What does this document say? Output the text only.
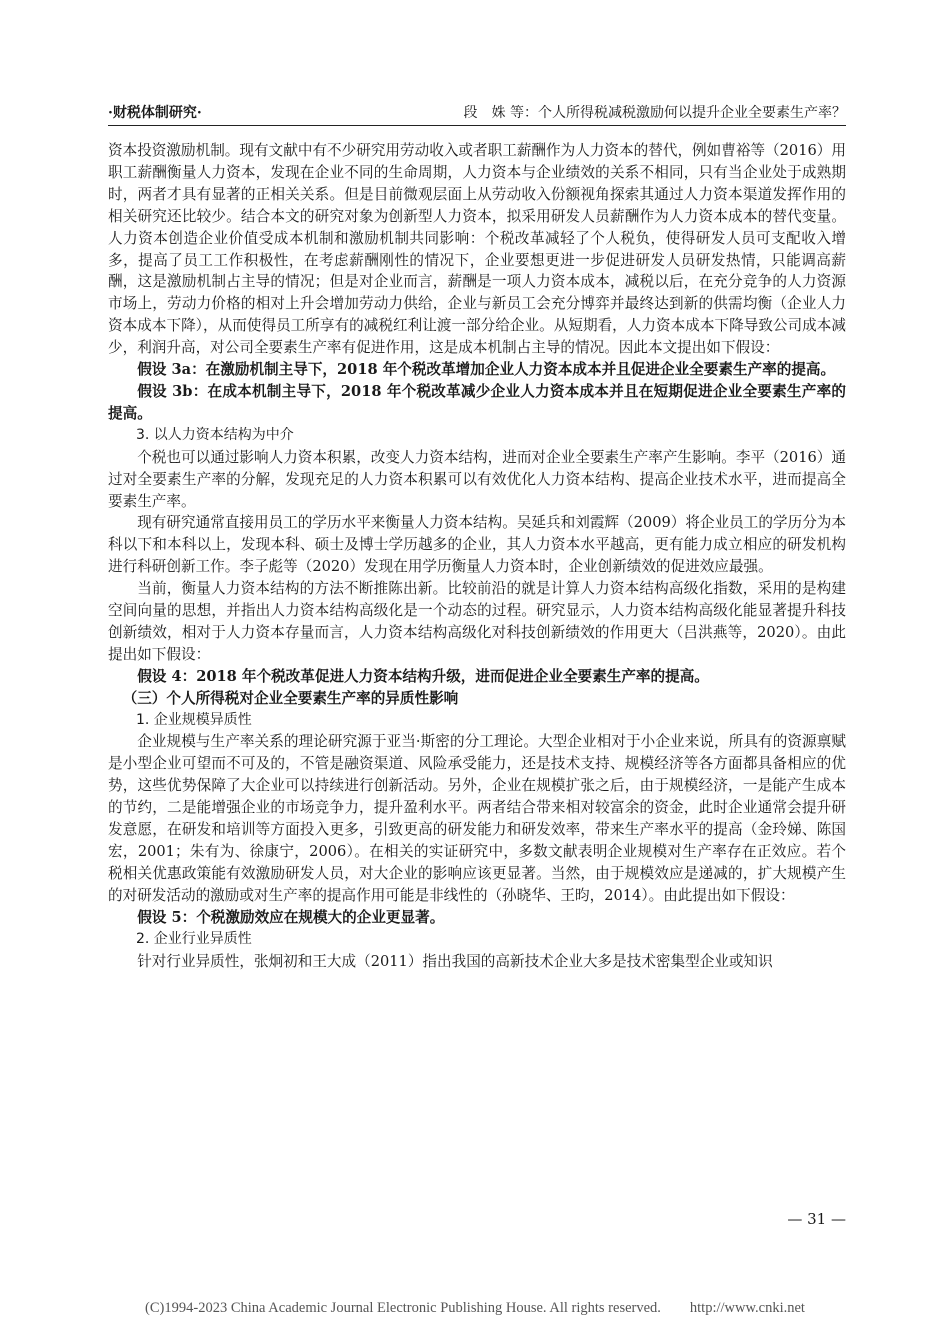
·财税体制研究·	段　姝 等：个人所得税减税激励何以提升企业全要素生产率？

资本投资激励机制。现有文献中有不少研究用劳动收入或者职工薪酬作为人力资本的替代，例如曹裕等（2016）用职工薪酬衡量人力资本，发现在企业不同的生命周期，人力资本与企业绩效的关系不相同，只有当企业处于成熟期时，两者才具有显著的正相关关系。但是目前微观层面上从劳动收入份额视角探索其通过人力资本渠道发挥作用的相关研究还比较少。结合本文的研究对象为创新型人力资本，拟采用研发人员薪酬作为人力资本成本的替代变量。人力资本创造企业价值受成本机制和激励机制共同影响：个税改革减轻了个人税负，使得研发人员可支配收入增多，提高了员工工作积极性，在考虑薪酬刚性的情况下，企业要想更进一步促进研发人员研发热情，只能调高薪酬，这是激励机制占主导的情况；但是对企业而言，薪酬是一项人力资本成本，减税以后，在充分竞争的人力资源市场上，劳动力价格的相对上升会增加劳动力供给，企业与新员工会充分博弈并最终达到新的供需均衡（企业人力资本成本下降），从而使得员工所享有的减税红利让渡一部分给企业。从短期看，人力资本成本下降导致公司成本减少，利润升高，对公司全要素生产率有促进作用，这是成本机制占主导的情况。因此本文提出如下假设：

假设 3a：在激励机制主导下，2018 年个税改革增加企业人力资本成本并且促进企业全要素生产率的提高。

假设 3b：在成本机制主导下，2018 年个税改革减少企业人力资本成本并且在短期促进企业全要素生产率的提高。

3. 以人力资本结构为中介

个税也可以通过影响人力资本积累，改变人力资本结构，进而对企业全要素生产率产生影响。李平（2016）通过对全要素生产率的分解，发现充足的人力资本积累可以有效优化人力资本结构、提高企业技术水平，进而提高全要素生产率。

现有研究通常直接用员工的学历水平来衡量人力资本结构。吴延兵和刘霞辉（2009）将企业员工的学历分为本科以下和本科以上，发现本科、硕士及博士学历越多的企业，其人力资本水平越高，更有能力成立相应的研发机构进行科研创新工作。李子彪等（2020）发现在用学历衡量人力资本时，企业创新绩效的促进效应最强。

当前，衡量人力资本结构的方法不断推陈出新。比较前沿的就是计算人力资本结构高级化指数，采用的是构建空间向量的思想，并指出人力资本结构高级化是一个动态的过程。研究显示，人力资本结构高级化能显著提升科技创新绩效，相对于人力资本存量而言，人力资本结构高级化对科技创新绩效的作用更大（吕洪燕等，2020）。由此提出如下假设：

假设 4：2018 年个税改革促进人力资本结构升级，进而促进企业全要素生产率的提高。

（三）个人所得税对企业全要素生产率的异质性影响

1. 企业规模异质性

企业规模与生产率关系的理论研究源于亚当·斯密的分工理论。大型企业相对于小企业来说，所具有的资源禀赋是小型企业可望而不可及的，不管是融资渠道、风险承受能力，还是技术支持、规模经济等各方面都具备相应的优势，这些优势保障了大企业可以持续进行创新活动。另外，企业在规模扩张之后，由于规模经济，一是能产生成本的节约，二是能增强企业的市场竞争力，提升盈利水平。两者结合带来相对较富余的资金，此时企业通常会提升研发意愿，在研发和培训等方面投入更多，引致更高的研发能力和研发效率，带来生产率水平的提高（金玲娣、陈国宏，2001；朱有为、徐康宁，2006）。在相关的实证研究中，多数文献表明企业规模对生产率存在正效应。若个税相关优惠政策能有效激励研发人员，对大企业的影响应该更显著。当然，由于规模效应是递减的，扩大规模产生的对研发活动的激励或对生产率的提高作用可能是非线性的（孙晓华、王昀，2014）。由此提出如下假设：

假设 5：个税激励效应在规模大的企业更显著。

2. 企业行业异质性

针对行业异质性，张炯初和王大成（2011）指出我国的高新技术企业大多是技术密集型企业或知识

— 31 —
(C)1994-2023 China Academic Journal Electronic Publishing House. All rights reserved.　　http://www.cnki.net
